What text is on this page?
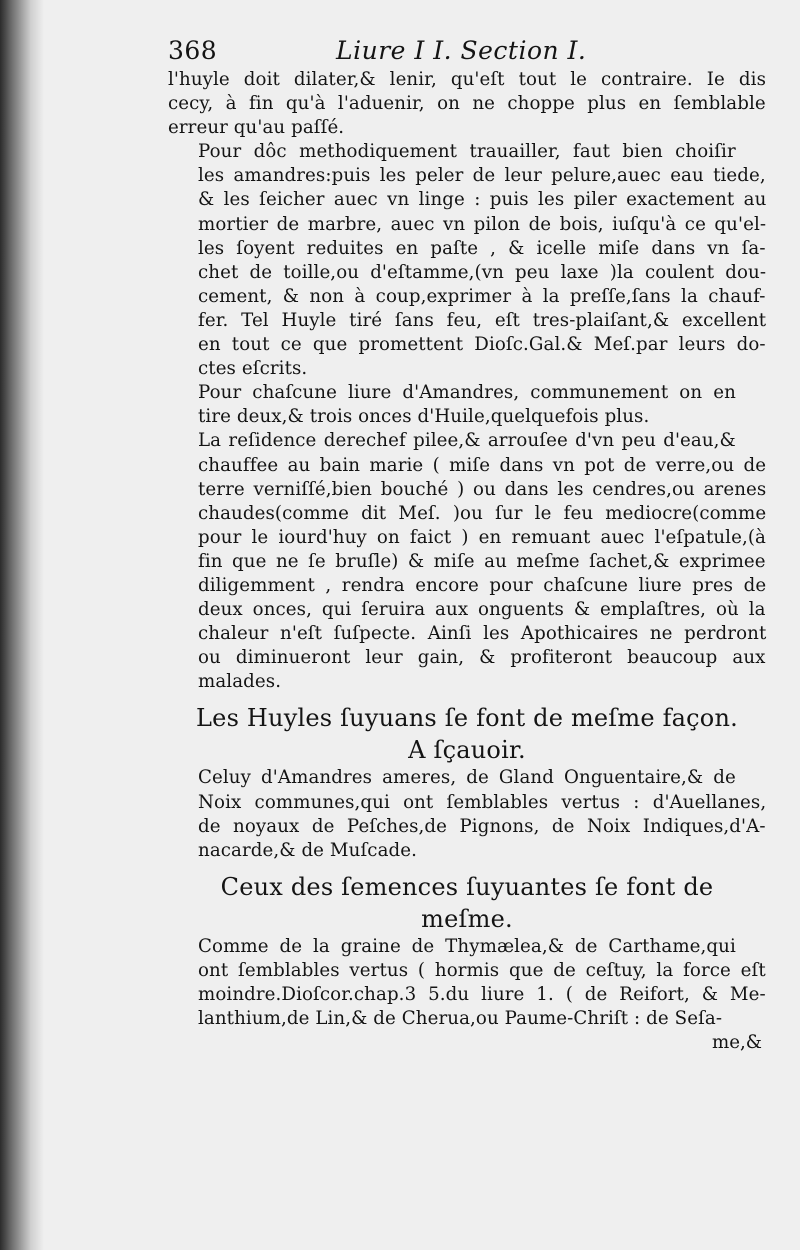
368	Liure I I. Section I.

l'huyle doit dilater,& lenir, qu'eſt tout le contraire. Ie dis
cecy, à fin qu'à l'aduenir, on ne choppe plus en ſemblable
erreur qu'au paſſé.

Pour dôc methodiquement trauailler, faut bien choiſir
les amandres:puis les peler de leur pelure,auec eau tiede,
& les ſeicher auec vn linge : puis les piler exactement au
mortier de marbre, auec vn pilon de bois, iuſqu'à ce qu'el-
les ſoyent reduites en paſte , & icelle miſe dans vn ſa-
chet de toille,ou d'eſtamme,(vn peu laxe )la coulent dou-
cement, & non à coup,exprimer à la preſſe,ſans la chauf-
fer. Tel Huyle tiré ſans feu, eſt tres-plaiſant,& excellent
en tout ce que promettent Dioſc.Gal.& Meſ.par leurs do-
ctes eſcrits.

Pour chaſcune liure d'Amandres, communement on en
tire deux,& trois onces d'Huile,quelquefois plus.

La reſidence derechef pilee,& arrouſee d'vn peu d'eau,&
chauffee au bain marie ( miſe dans vn pot de verre,ou de
terre verniſſé,bien bouché ) ou dans les cendres,ou arenes
chaudes(comme dit Meſ. )ou ſur le feu mediocre(comme
pour le iourd'huy on faict ) en remuant auec l'eſpatule,(à
fin que ne ſe bruſle) & miſe au meſme ſachet,& exprimee
diligemment , rendra encore pour chaſcune liure pres de
deux onces, qui ſeruira aux onguents & emplaſtres, où la
chaleur n'eſt ſuſpecte. Ainſi les Apothicaires ne perdront
ou diminueront leur gain, & profiteront beaucoup aux
malades.

Les Huyles ſuyuans ſe font de meſme façon.
A ſçauoir.

Celuy d'Amandres ameres, de Gland Onguentaire,& de
Noix communes,qui ont ſemblables vertus : d'Auellanes,
de noyaux de Peſches,de Pignons, de Noix Indiques,d'A-
nacarde,& de Muſcade.

Ceux des ſemences ſuyuantes ſe font de
meſme.

Comme de la graine de Thymælea,& de Carthame,qui
ont ſemblables vertus ( hormis que de ceſtuy, la force eſt
moindre.Dioſcor.chap.3 5.du liure 1. ( de Reifort, & Me-
lanthium,de Lin,& de Cherua,ou Paume-Chriſt : de Seſa-

me,&
